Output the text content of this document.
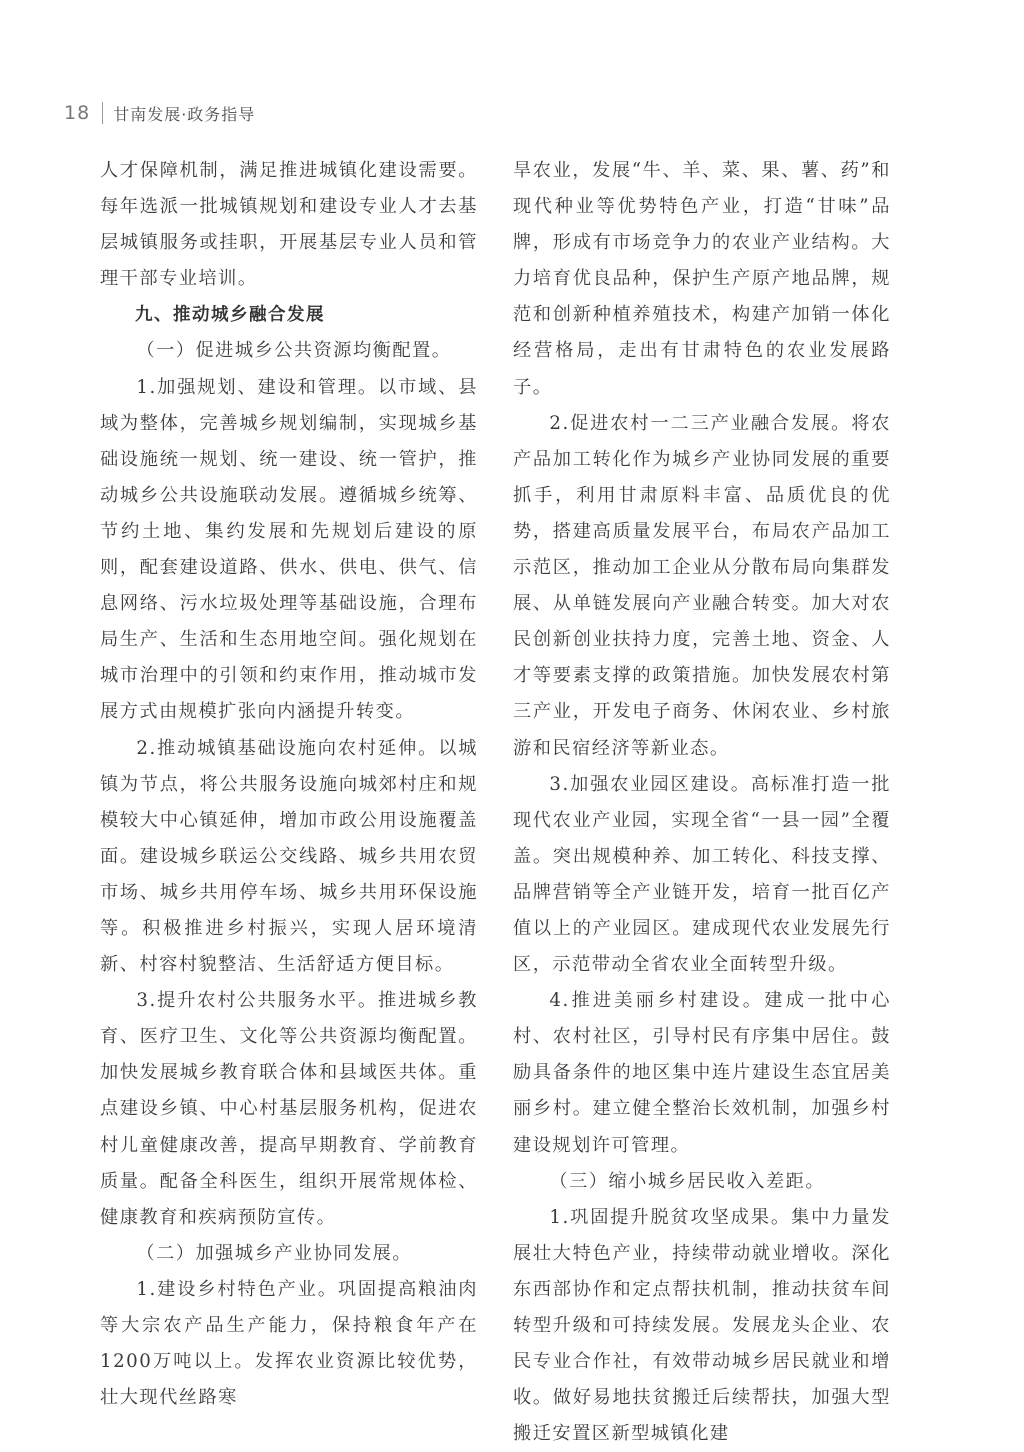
18 甘南发展·政务指导

人才保障机制，满足推进城镇化建设需要。每年选派一批城镇规划和建设专业人才去基层城镇服务或挂职，开展基层专业人员和管理干部专业培训。

九、推动城乡融合发展

（一）促进城乡公共资源均衡配置。

1.加强规划、建设和管理。以市域、县域为整体，完善城乡规划编制，实现城乡基础设施统一规划、统一建设、统一管护，推动城乡公共设施联动发展。遵循城乡统筹、节约土地、集约发展和先规划后建设的原则，配套建设道路、供水、供电、供气、信息网络、污水垃圾处理等基础设施，合理布局生产、生活和生态用地空间。强化规划在城市治理中的引领和约束作用，推动城市发展方式由规模扩张向内涵提升转变。

2.推动城镇基础设施向农村延伸。以城镇为节点，将公共服务设施向城郊村庄和规模较大中心镇延伸，增加市政公用设施覆盖面。建设城乡联运公交线路、城乡共用农贸市场、城乡共用停车场、城乡共用环保设施等。积极推进乡村振兴，实现人居环境清新、村容村貌整洁、生活舒适方便目标。

3.提升农村公共服务水平。推进城乡教育、医疗卫生、文化等公共资源均衡配置。加快发展城乡教育联合体和县域医共体。重点建设乡镇、中心村基层服务机构，促进农村儿童健康改善，提高早期教育、学前教育质量。配备全科医生，组织开展常规体检、健康教育和疾病预防宣传。

（二）加强城乡产业协同发展。

1.建设乡村特色产业。巩固提高粮油肉等大宗农产品生产能力，保持粮食年产在1200万吨以上。发挥农业资源比较优势，壮大现代丝路寒

旱农业，发展“牛、羊、菜、果、薯、药”和现代种业等优势特色产业，打造“甘味”品牌，形成有市场竞争力的农业产业结构。大力培育优良品种，保护生产原产地品牌，规范和创新种植养殖技术，构建产加销一体化经营格局，走出有甘肃特色的农业发展路子。

2.促进农村一二三产业融合发展。将农产品加工转化作为城乡产业协同发展的重要抓手，利用甘肃原料丰富、品质优良的优势，搭建高质量发展平台，布局农产品加工示范区，推动加工企业从分散布局向集群发展、从单链发展向产业融合转变。加大对农民创新创业扶持力度，完善土地、资金、人才等要素支撑的政策措施。加快发展农村第三产业，开发电子商务、休闲农业、乡村旅游和民宿经济等新业态。

3.加强农业园区建设。高标准打造一批现代农业产业园，实现全省“一县一园”全覆盖。突出规模种养、加工转化、科技支撑、品牌营销等全产业链开发，培育一批百亿产值以上的产业园区。建成现代农业发展先行区，示范带动全省农业全面转型升级。

4.推进美丽乡村建设。建成一批中心村、农村社区，引导村民有序集中居住。鼓励具备条件的地区集中连片建设生态宜居美丽乡村。建立健全整治长效机制，加强乡村建设规划许可管理。

（三）缩小城乡居民收入差距。

1.巩固提升脱贫攻坚成果。集中力量发展壮大特色产业，持续带动就业增收。深化东西部协作和定点帮扶机制，推动扶贫车间转型升级和可持续发展。发展龙头企业、农民专业合作社，有效带动城乡居民就业和增收。做好易地扶贫搬迁后续帮扶，加强大型搬迁安置区新型城镇化建
